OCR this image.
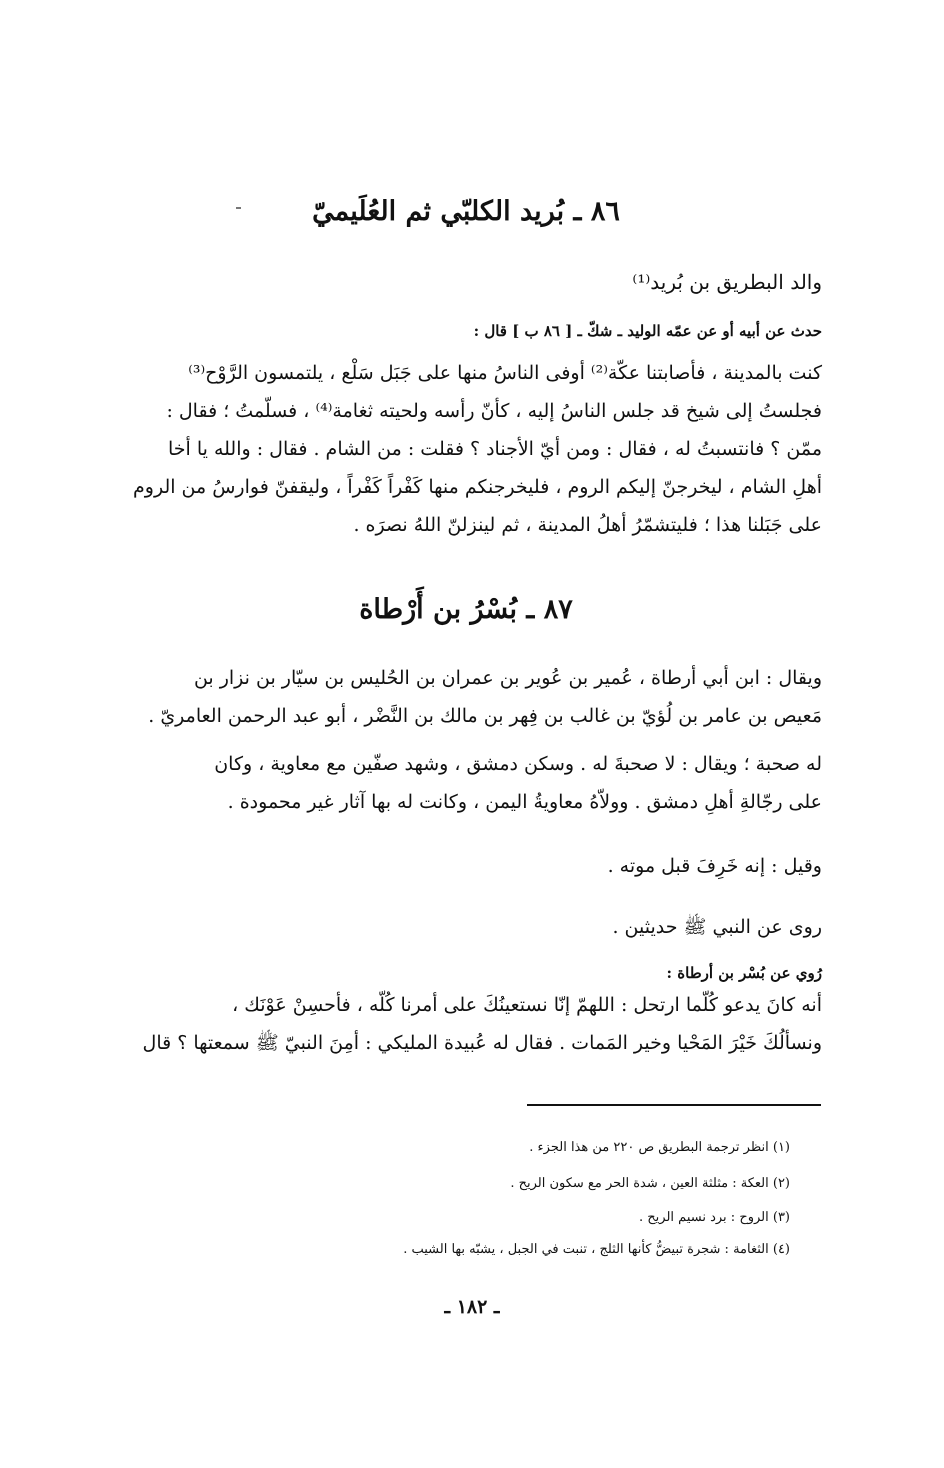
٨٦ ـ بُريد الكلبّي ثم العُلَيميّ
والد البطريق بن بُريد⁽¹⁾
حدث عن أبيه أو عن عمّه الوليد ـ شكّ ـ [ ٨٦ ب ] قال :
كنت بالمدينة ، فأصابتنا عكّة⁽²⁾ أوفى الناسُ منها على جَبَل سَلْع ، يلتمسون الرَّوْح⁽³⁾
فجلستُ إلى شيخ قد جلس الناسُ إليه ، كأنّ رأسه ولحيته ثغامة⁽⁴⁾ ، فسلّمتُ ؛ فقال :
ممّن ؟ فانتسبتُ له ، فقال : ومن أيّ الأجناد ؟ فقلت : من الشام . فقال : والله يا أخا
أهلِ الشام ، ليخرجنّ إليكم الروم ، فليخرجنكم منها كَفْراً كَفْراً ، وليقفنّ فوارسُ من الروم
على جَبَلنا هذا ؛ فليتشمّرُ أهلُ المدينة ، ثم لينزلنّ اللهُ نصرَه .
٨٧ ـ بُسْرُ بن أَرْطاة
ويقال : ابن أبي أرطاة ، عُمير بن عُوير بن عمران بن الحُليس بن سيّار بن نزار بن
مَعيص بن عامر بن لُؤيّ بن غالب بن فِهر بن مالك بن النَّضْر ، أبو عبد الرحمن العامريّ .
له صحبة ؛ ويقال : لا صحبةَ له . وسكن دمشق ، وشهد صفّين مع معاوية ، وكان
على رجّالةِ أهلِ دمشق . وولاّهُ معاويةُ اليمن ، وكانت له بها آثار غير محمودة .
وقيل : إنه خَرِفَ قبل موته .
روى عن النبي ﷺ حديثين .
رُوي عن بُسْر بن أرطاة :
أنه كانَ يدعو كُلّما ارتحل : اللهمّ إنّا نستعينُكَ على أمرنا كُلّه ، فأحسِنْ عَوْنَك ،
ونسألُكَ خَيْرَ المَحْيا وخير المَمات . فقال له عُبيدة المليكي : أمِنَ النبيّ ﷺ سمعتها ؟ قال
(١) انظر ترجمة البطريق ص ٢٢٠ من هذا الجزء .
(٢) العكة : مثلثة العين ، شدة الحر مع سكون الريح .
(٣) الروح : برد نسيم الريح .
(٤) الثغامة : شجرة تبيضُّ كأنها الثلج ، تنبت في الجبل ، يشبّه بها الشيب .
ـ ١٨٢ ـ
